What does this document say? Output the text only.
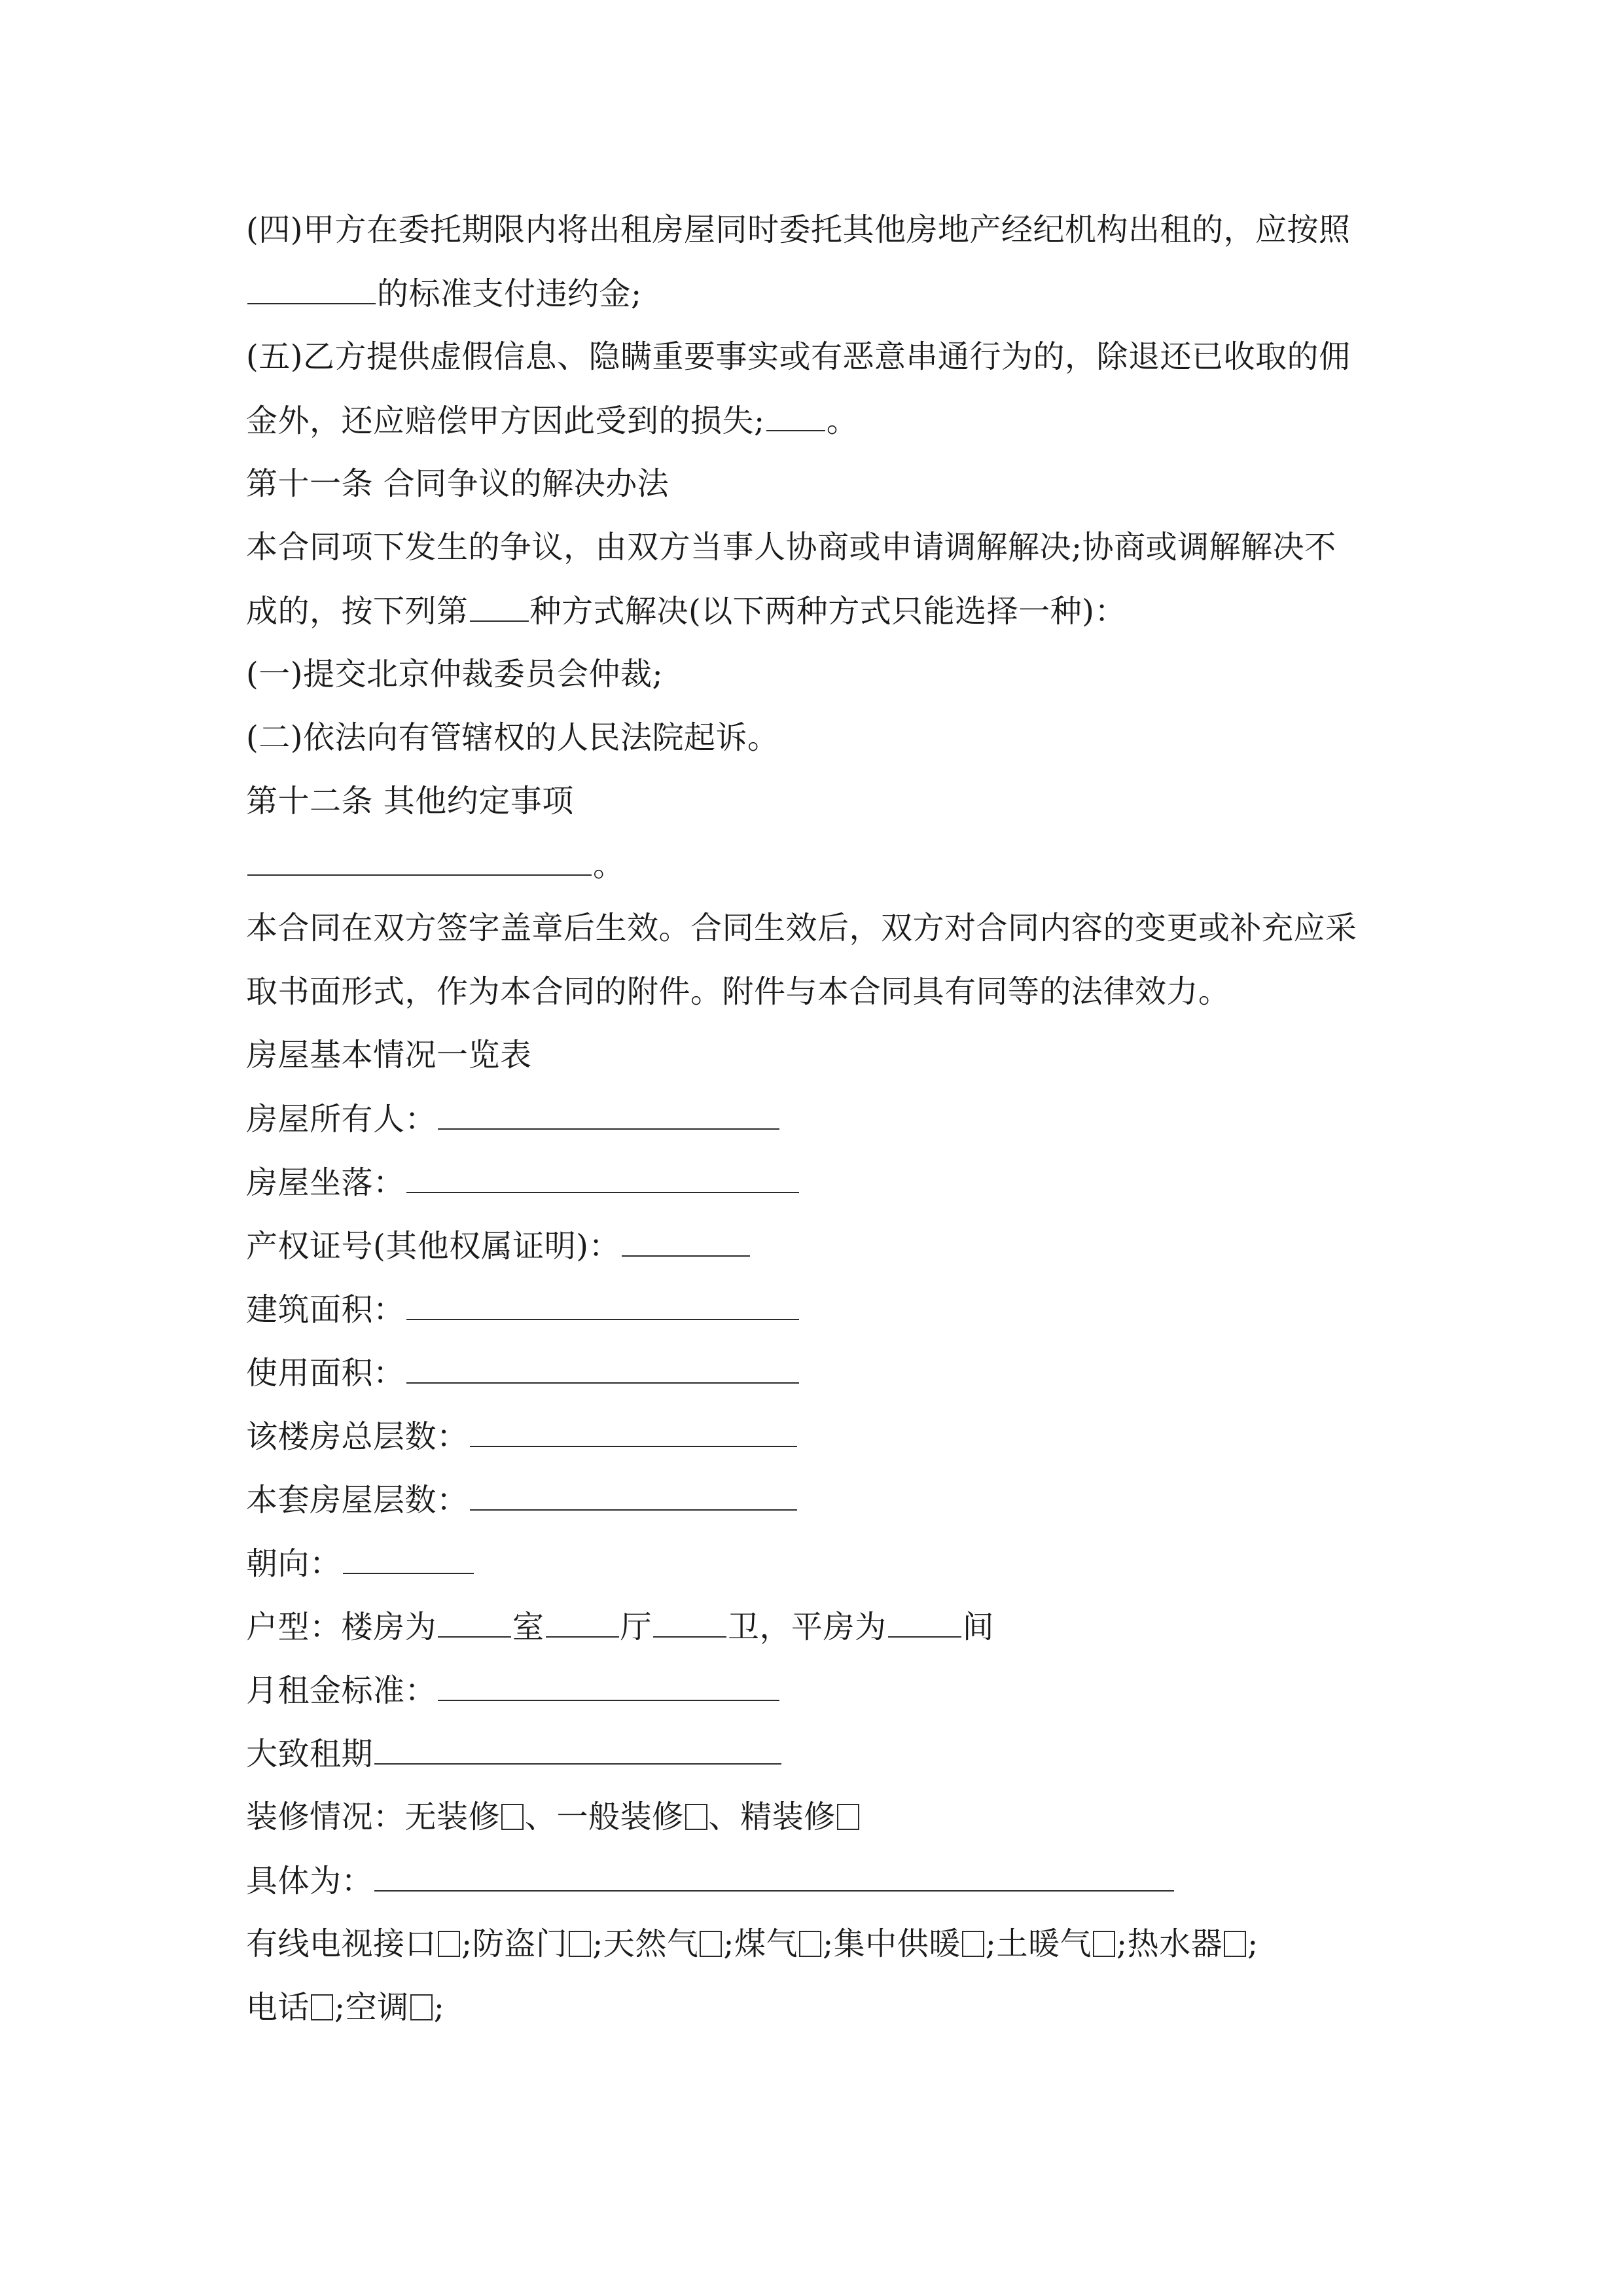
(四)甲方在委托期限内将出租房屋同时委托其他房地产经纪机构出租的，应按照
的标准支付违约金;
(五)乙方提供虚假信息、隐瞒重要事实或有恶意串通行为的，除退还已收取的佣
金外，还应赔偿甲方因此受到的损失; 。
第十一条 合同争议的解决办法
本合同项下发生的争议，由双方当事人协商或申请调解解决;协商或调解解决不
成的，按下列第 种方式解决(以下两种方式只能选择一种)：
(一)提交北京仲裁委员会仲裁;
(二)依法向有管辖权的人民法院起诉。
第十二条 其他约定事项
。
本合同在双方签字盖章后生效。合同生效后，双方对合同内容的变更或补充应采
取书面形式，作为本合同的附件。附件与本合同具有同等的法律效力。
房屋基本情况一览表
房屋所有人：
房屋坐落：
产权证号(其他权属证明)：
建筑面积：
使用面积：
该楼房总层数：
本套房屋层数：
朝向：
户型：楼房为 室 厅 卫，平房为 间
月租金标准：
大致租期
装修情况：无装修 、一般装修 、精装修
具体为：
有线电视接口 ;防盗门 ;天然气 ;煤气 ;集中供暖 ;土暖气 ;热水器 ;
电话 ;空调 ;
